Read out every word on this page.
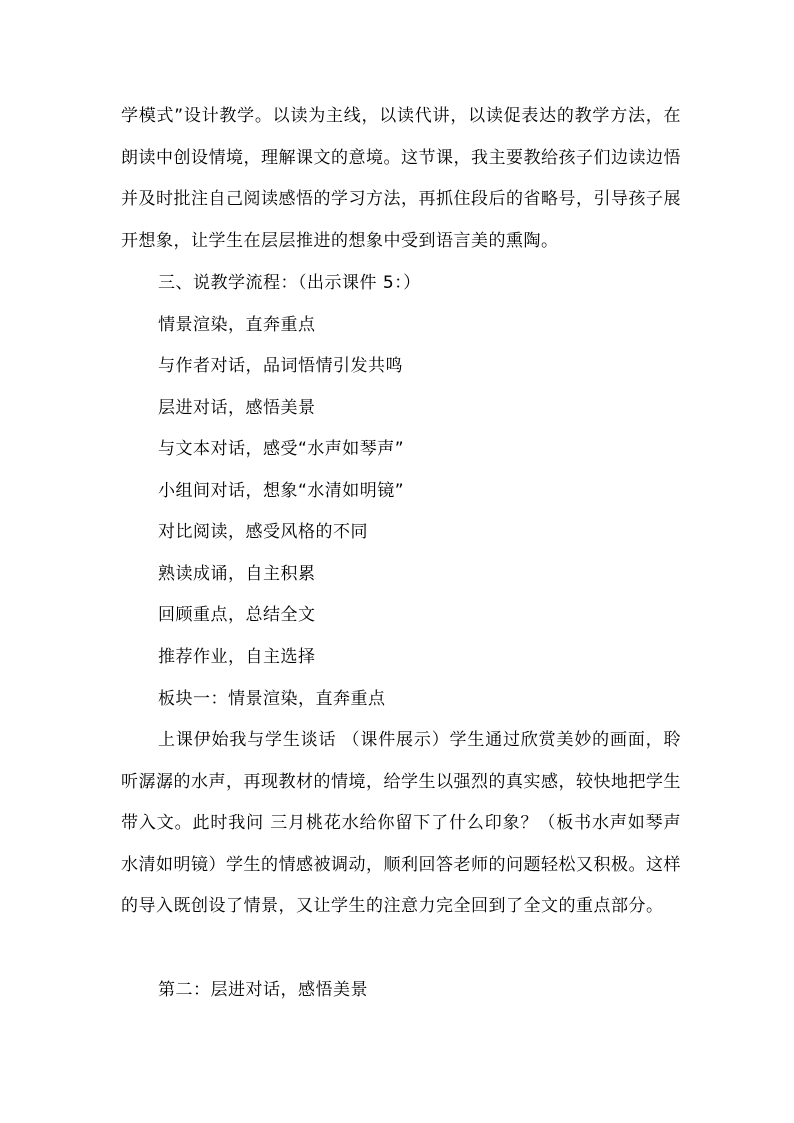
学模式”设计教学。以读为主线，以读代讲，以读促表达的教学方法，在朗读中创设情境，理解课文的意境。这节课，我主要教给孩子们边读边悟并及时批注自己阅读感悟的学习方法，再抓住段后的省略号，引导孩子展开想象，让学生在层层推进的想象中受到语言美的熏陶。

三、说教学流程：（出示课件 5：）
情景渲染，直奔重点
与作者对话，品词悟情引发共鸣
层进对话，感悟美景
与文本对话，感受“水声如琴声”
小组间对话，想象“水清如明镜”
对比阅读，感受风格的不同
熟读成诵，自主积累
回顾重点，总结全文
推荐作业，自主选择
板块一：情景渲染，直奔重点

上课伊始我与学生谈话 （课件展示）学生通过欣赏美妙的画面，聆听潺潺的水声，再现教材的情境，给学生以强烈的真实感，较快地把学生带入文。此时我问 三月桃花水给你留下了什么印象？（板书水声如琴声水清如明镜）学生的情感被调动，顺利回答老师的问题轻松又积极。这样的导入既创设了情景，又让学生的注意力完全回到了全文的重点部分。

第二：层进对话，感悟美景
